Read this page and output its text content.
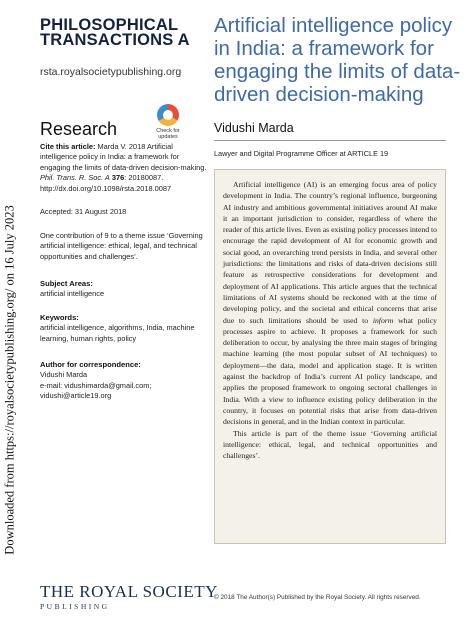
Downloaded from https://royalsocietypublishing.org/ on 16 July 2023
PHILOSOPHICAL
TRANSACTIONS A
rsta.royalsocietypublishing.org
Research	Check for
updates
Cite this article: Marda V. 2018 Artificial intelligence policy in India: a framework for engaging the limits of data-driven decision-making. Phil. Trans. R. Soc. A 376: 20180087. http://dx.doi.org/10.1098/rsta.2018.0087
Accepted: 31 August 2018
One contribution of 9 to a theme issue ‘Governing artificial intelligence: ethical, legal, and technical opportunities and challenges’.
Subject Areas:
artificial intelligence
Keywords:
artificial intelligence, algorithms, India, machine learning, human rights, policy
Author for correspondence:
Vidushi Marda
e-mail: vidushimarda@gmail.com;
vidushi@article19.org
Artificial intelligence policy in India: a framework for engaging the limits of data-driven decision-making
Vidushi Marda
Lawyer and Digital Programme Officer at ARTICLE 19

Artificial intelligence (AI) is an emerging focus area of policy development in India. The country’s regional influence, burgeoning AI industry and ambitious governmental initiatives around AI make it an important jurisdiction to consider, regardless of where the reader of this article lives. Even as existing policy processes intend to encourage the rapid development of AI for economic growth and social good, an overarching trend persists in India, and several other jurisdictions: the limitations and risks of data-driven decisions still feature as retrospective considerations for development and deployment of AI applications. This article argues that the technical limitations of AI systems should be reckoned with at the time of developing policy, and the societal and ethical concerns that arise due to such limitations should be used to inform what policy processes aspire to achieve. It proposes a framework for such deliberation to occur, by analysing the three main stages of bringing machine learning (the most popular subset of AI techniques) to deployment—the data, model and application stage. It is written against the backdrop of India’s current AI policy landscape, and applies the proposed framework to ongoing sectoral challenges in India. With a view to influence existing policy deliberation in the country, it focuses on potential risks that arise from data-driven decisions in general, and in the Indian context in particular.

This article is part of the theme issue ‘Governing artificial intelligence: ethical, legal, and technical opportunities and challenges’.

THE ROYAL SOCIETY
PUBLISHING
© 2018 The Author(s) Published by the Royal Society. All rights reserved.
